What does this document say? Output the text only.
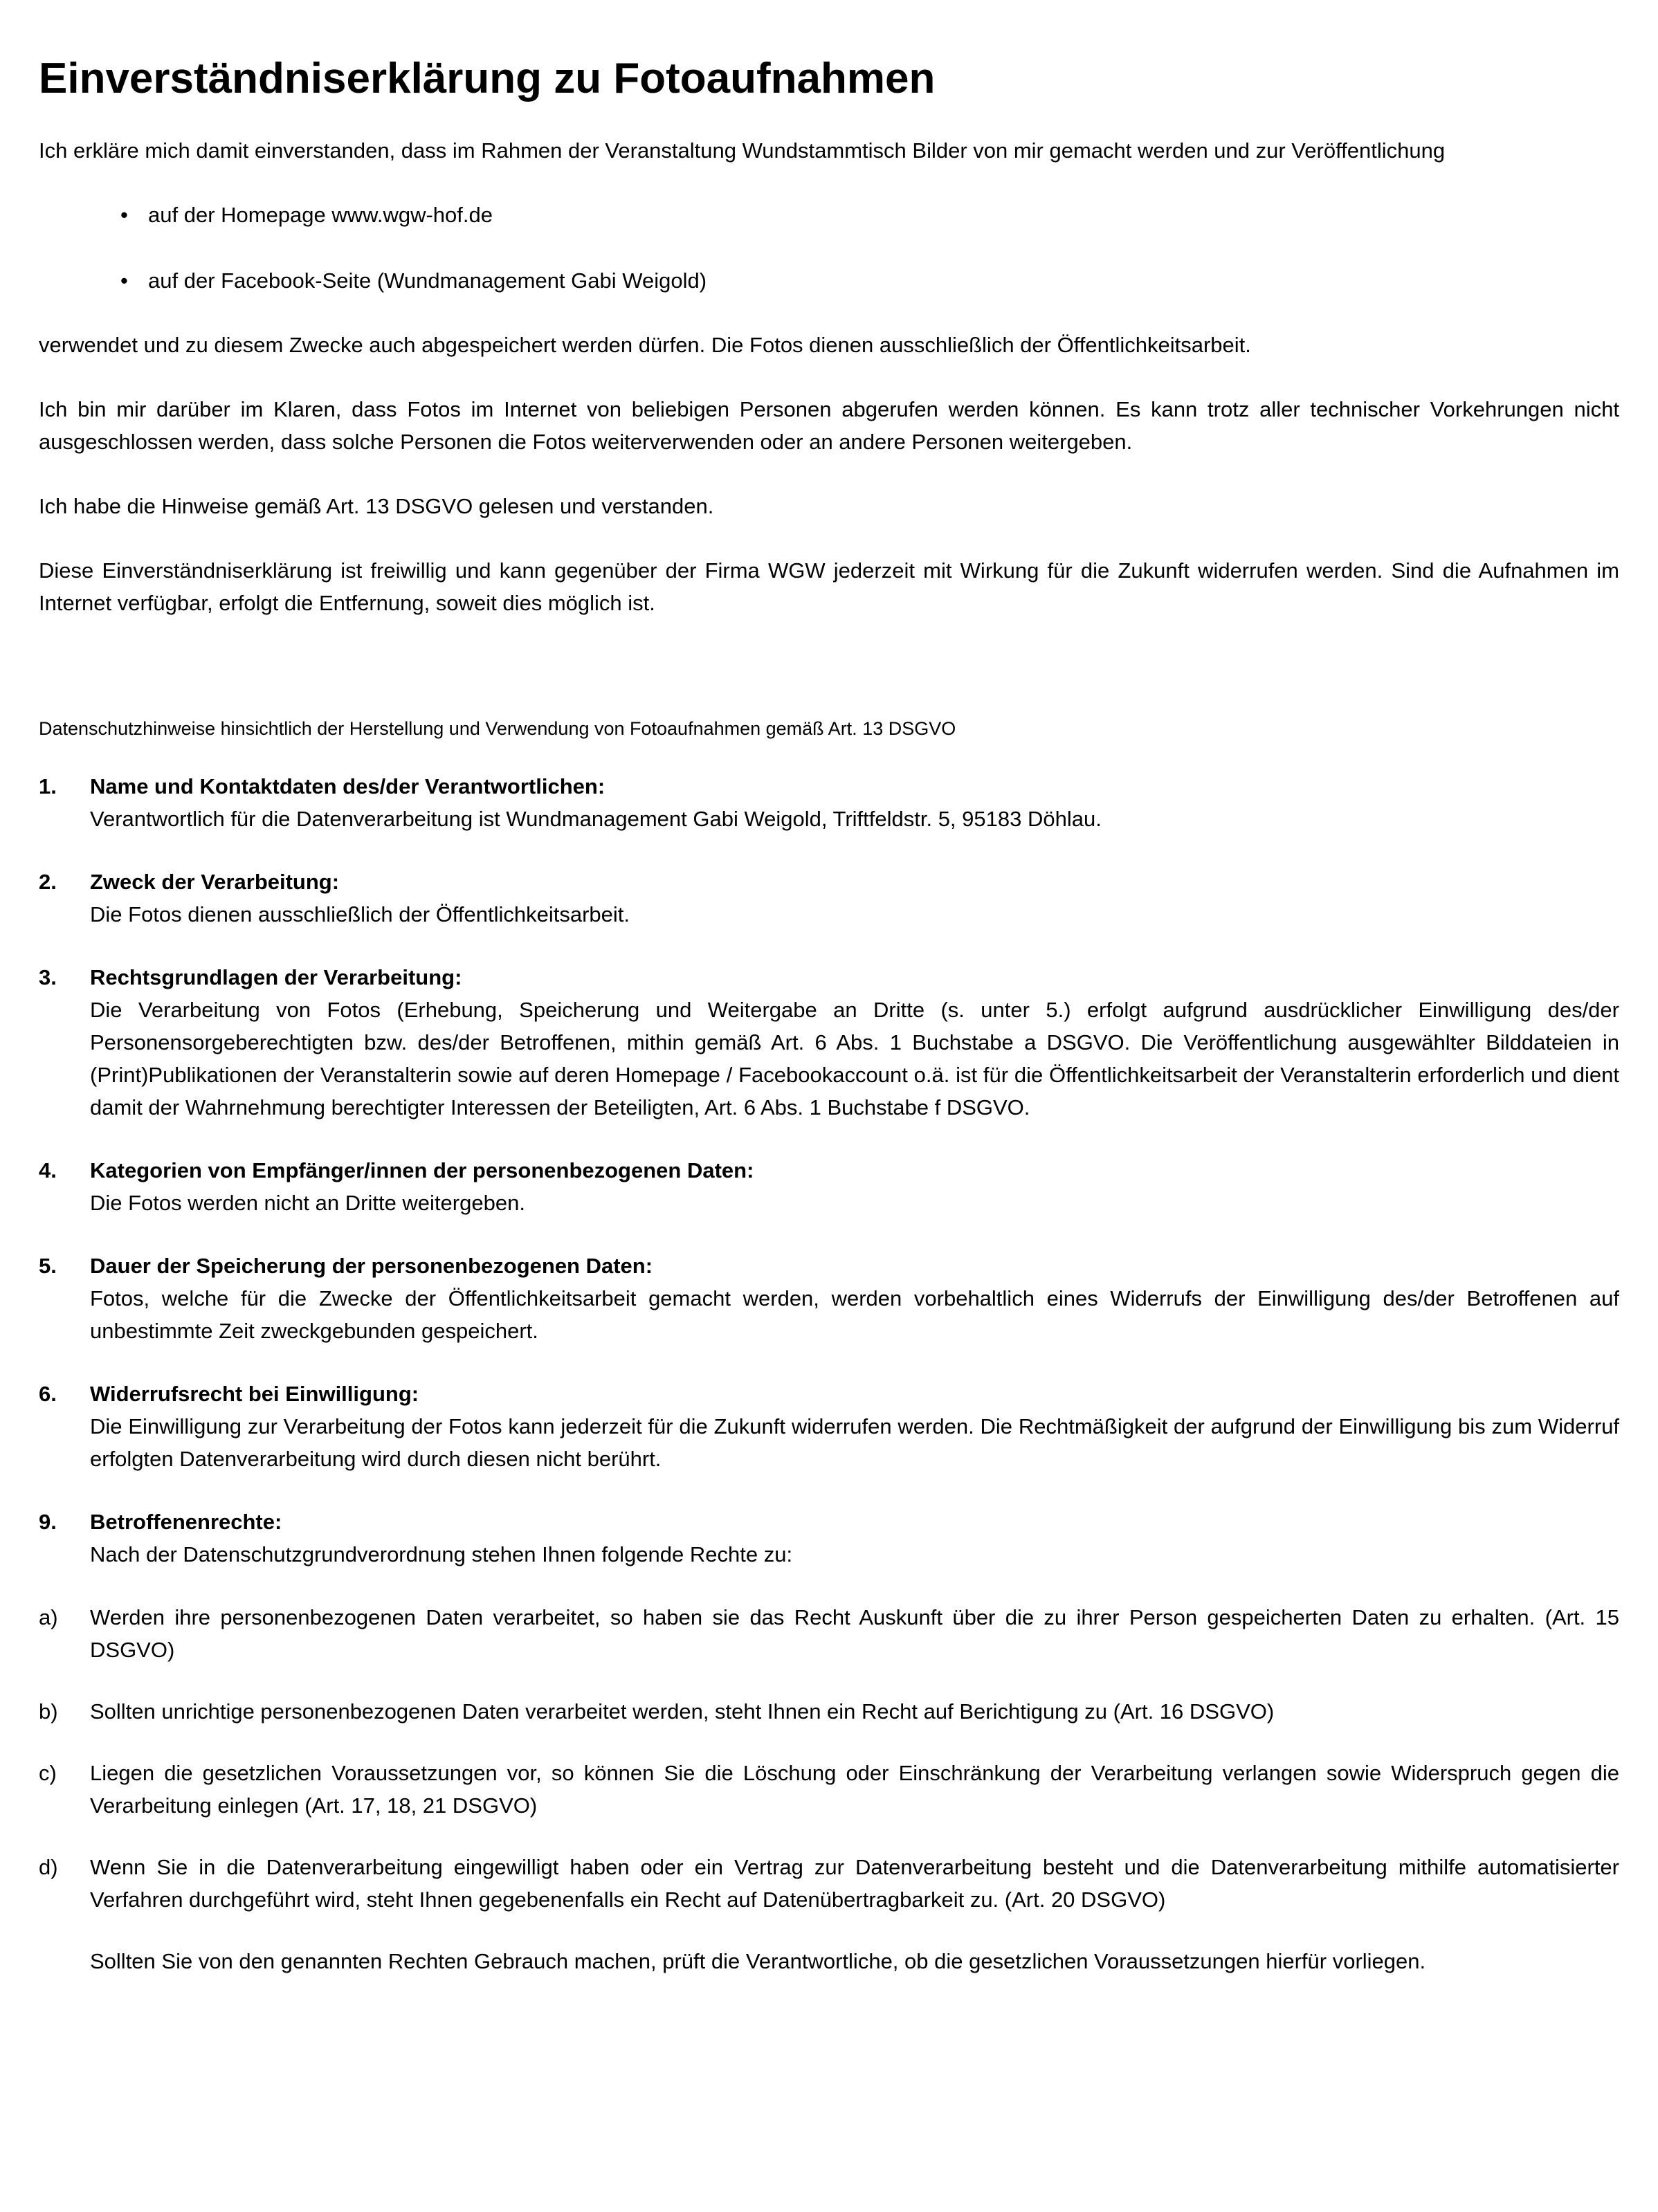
Einverständniserklärung zu Fotoaufnahmen

Ich erkläre mich damit einverstanden, dass im Rahmen der Veranstaltung Wundstammtisch Bilder von mir gemacht werden und zur Veröffentlichung

• auf der Homepage www.wgw-hof.de
• auf der Facebook-Seite (Wundmanagement Gabi Weigold)

verwendet und zu diesem Zwecke auch abgespeichert werden dürfen. Die Fotos dienen ausschließlich der Öffentlichkeitsarbeit.

Ich bin mir darüber im Klaren, dass Fotos im Internet von beliebigen Personen abgerufen werden können. Es kann trotz aller technischer Vorkehrungen nicht ausgeschlossen werden, dass solche Personen die Fotos weiterverwenden oder an andere Personen weitergeben.

Ich habe die Hinweise gemäß Art. 13 DSGVO gelesen und verstanden.

Diese Einverständniserklärung ist freiwillig und kann gegenüber der Firma WGW jederzeit mit Wirkung für die Zukunft widerrufen werden. Sind die Aufnahmen im Internet verfügbar, erfolgt die Entfernung, soweit dies möglich ist.

Datenschutzhinweise hinsichtlich der Herstellung und Verwendung von Fotoaufnahmen gemäß Art. 13 DSGVO

1.	Name und Kontaktdaten des/der Verantwortlichen:
Verantwortlich für die Datenverarbeitung ist Wundmanagement Gabi Weigold, Triftfeldstr. 5, 95183 Döhlau.
2.	Zweck der Verarbeitung:
Die Fotos dienen ausschließlich der Öffentlichkeitsarbeit.
3.	Rechtsgrundlagen der Verarbeitung:
Die Verarbeitung von Fotos (Erhebung, Speicherung und Weitergabe an Dritte (s. unter 5.) erfolgt aufgrund ausdrücklicher Einwilligung des/der Personensorgeberechtigten bzw. des/der Betroffenen, mithin gemäß Art. 6 Abs. 1 Buchstabe a DSGVO. Die Veröffentlichung ausgewählter Bilddateien in (Print)Publikationen der Veranstalterin sowie auf deren Homepage / Facebookaccount o.ä. ist für die Öffentlichkeitsarbeit der Veranstalterin erforderlich und dient damit der Wahrnehmung berechtigter Interessen der Beteiligten, Art. 6 Abs. 1 Buchstabe f DSGVO.
4.	Kategorien von Empfänger/innen der personenbezogenen Daten:
Die Fotos werden nicht an Dritte weitergeben.
5.	Dauer der Speicherung der personenbezogenen Daten:
Fotos, welche für die Zwecke der Öffentlichkeitsarbeit gemacht werden, werden vorbehaltlich eines Widerrufs der Einwilligung des/der Betroffenen auf unbestimmte Zeit zweckgebunden gespeichert.
6.	Widerrufsrecht bei Einwilligung:
Die Einwilligung zur Verarbeitung der Fotos kann jederzeit für die Zukunft widerrufen werden. Die Rechtmäßigkeit der aufgrund der Einwilligung bis zum Widerruf erfolgten Datenverarbeitung wird durch diesen nicht berührt.
9.	Betroffenenrechte:
Nach der Datenschutzgrundverordnung stehen Ihnen folgende Rechte zu:
a)	Werden ihre personenbezogenen Daten verarbeitet, so haben sie das Recht Auskunft über die zu ihrer Person gespeicherten Daten zu erhalten. (Art. 15 DSGVO)
b)	Sollten unrichtige personenbezogenen Daten verarbeitet werden, steht Ihnen ein Recht auf Berichtigung zu (Art. 16 DSGVO)
c)	Liegen die gesetzlichen Voraussetzungen vor, so können Sie die Löschung oder Einschränkung der Verarbeitung verlangen sowie Widerspruch gegen die Verarbeitung einlegen (Art. 17, 18, 21 DSGVO)
d)	Wenn Sie in die Datenverarbeitung eingewilligt haben oder ein Vertrag zur Datenverarbeitung besteht und die Datenverarbeitung mithilfe automatisierter Verfahren durchgeführt wird, steht Ihnen gegebenenfalls ein Recht auf Datenübertragbarkeit zu. (Art. 20 DSGVO)

Sollten Sie von den genannten Rechten Gebrauch machen, prüft die Verantwortliche, ob die gesetzlichen Voraussetzungen hierfür vorliegen.
